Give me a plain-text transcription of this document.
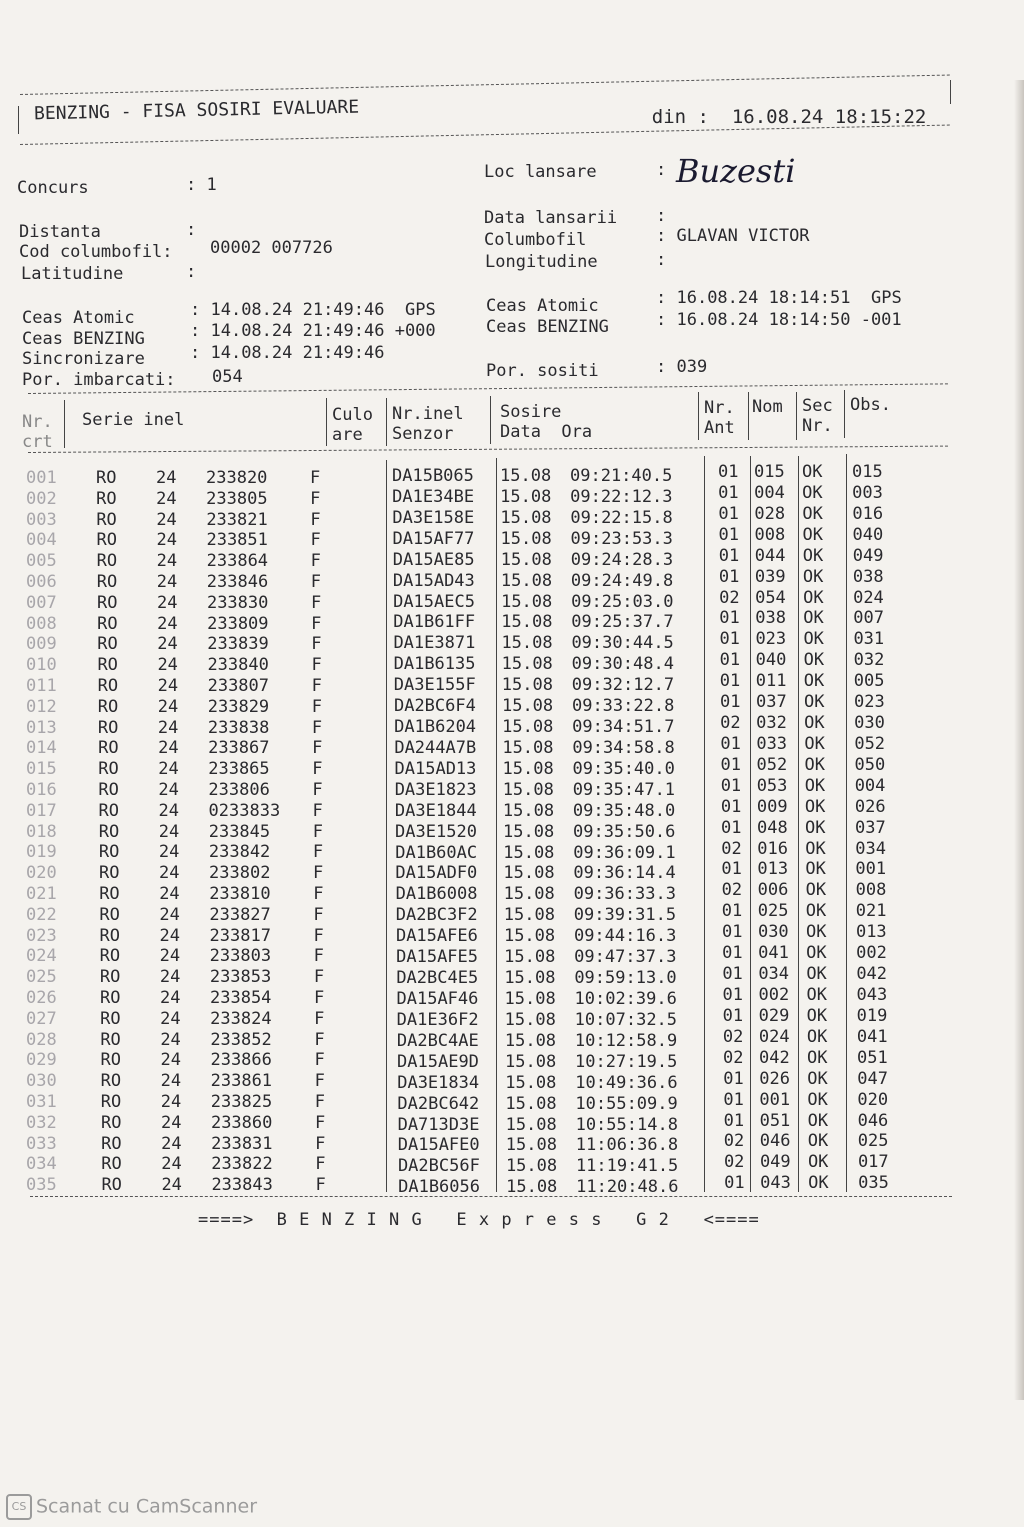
BENZING - FISA SOSIRI EVALUARE	din : 16.08.24 18:15:22

Concurs	: 1
Loc lansare	: Buzesti
Distanta	:
Data lansarii :
Cod columbofil: 00002 007726	Columbofil	: GLAVAN VICTOR
Latitudine	:	Longitudine	:
Ceas Atomic	: 14.08.24 21:49:46 GPS	Ceas Atomic	: 16.08.24 18:14:51 GPS
Ceas BENZING	: 14.08.24 21:49:46 +000	Ceas BENZING	: 16.08.24 18:14:50 -001
Sincronizare	: 14.08.24 21:49:46
Por. imbarcati: 054	Por. sositi	: 039
Nr.
crt
Serie inel	Culo
are
Nr.inel
Senzor
Sosire
Data  Ora
Nr.
Ant
Nom Sec
Nr.
Obs.
001 RO 24 233820	F	DA15B065 15.08 09:21:40.5	01 015 OK 015
002 RO 24 233805	F	DA1E34BE 15.08 09:22:12.3	01 004 OK 003
003 RO 24 233821	F	DA3E158E 15.08 09:22:15.8	01 028 OK 016
004 RO 24 233851	F	DA15AF77 15.08 09:23:53.3	01 008 OK 040
005 RO 24 233864	F	DA15AE85 15.08 09:24:28.3	01 044 OK 049
006 RO 24 233846	F	DA15AD43 15.08 09:24:49.8	01 039 OK 038
007 RO 24 233830	F	DA15AEC5 15.08 09:25:03.0	02 054 OK 024
008 RO 24 233809	F	DA1B61FF 15.08 09:25:37.7	01 038 OK 007
009 RO 24 233839	F	DA1E3871 15.08 09:30:44.5	01 023 OK 031
010 RO 24 233840	F	DA1B6135 15.08 09:30:48.4	01 040 OK 032
011 RO 24 233807	F	DA3E155F 15.08 09:32:12.7	01 011 OK 005
012 RO 24 233829	F	DA2BC6F4 15.08 09:33:22.8	01 037 OK 023
013 RO 24 233838	F	DA1B6204 15.08 09:34:51.7	02 032 OK 030
014 RO 24 233867	F	DA244A7B 15.08 09:34:58.8	01 033 OK 052
015 RO 24 233865	F	DA15AD13 15.08 09:35:40.0	01 052 OK 050
016 RO 24 233806	F	DA3E1823 15.08 09:35:47.1	01 053 OK 004
017 RO 24 0233833 F	DA3E1844 15.08 09:35:48.0	01 009 OK 026
018 RO 24 233845	F	DA3E1520 15.08 09:35:50.6	01 048 OK 037
019 RO 24 233842	F	DA1B60AC 15.08 09:36:09.1	02 016 OK 034
020 RO 24 233802	F	DA15ADF0 15.08 09:36:14.4	01 013 OK 001
021 RO 24 233810	F	DA1B6008 15.08 09:36:33.3	02 006 OK 008
022	RO 24 233827	F	DA2BC3F2 15.08 09:39:31.5	01 025 OK 021
023	RO 24 233817	F	DA15AFE6 15.08 09:44:16.3	01 030 OK 013
024	RO 24 233803	F	DA15AFE5 15.08 09:47:37.3	01 041 OK 002
025	RO 24 233853	F	DA2BC4E5 15.08 09:59:13.0	01 034 OK 042
026	RO 24 233854	F	DA15AF46 15.08 10:02:39.6	01 002 OK 043
027	RO 24 233824	F	DA1E36F2 15.08 10:07:32.5	01 029 OK 019
028	RO 24 233852	F	DA2BC4AE 15.08 10:12:58.9	02 024 OK 041
029	RO 24 233866	F	DA15AE9D 15.08 10:27:19.5	02 042 OK 051
030	RO 24 233861	F	DA3E1834 15.08 10:49:36.6	01 026 OK 047
031	RO 24 233825	F	DA2BC642 15.08 10:55:09.9	01 001 OK 020
032	RO 24 233860	F	DA713D3E 15.08 10:55:14.8	01 051 OK 046
033	RO 24 233831	F	DA15AFE0 15.08 11:06:36.8	02 046 OK 025
034	RO 24 233822	F	DA2BC56F 15.08 11:19:41.5	02 049 OK 017
035	RO 24 233843	F	DA1B6056 15.08 11:20:48.6	01 043 OK 035
====>  B E N Z I N G   E x p r e s s   G 2   <====
CS Scanat cu CamScanner
